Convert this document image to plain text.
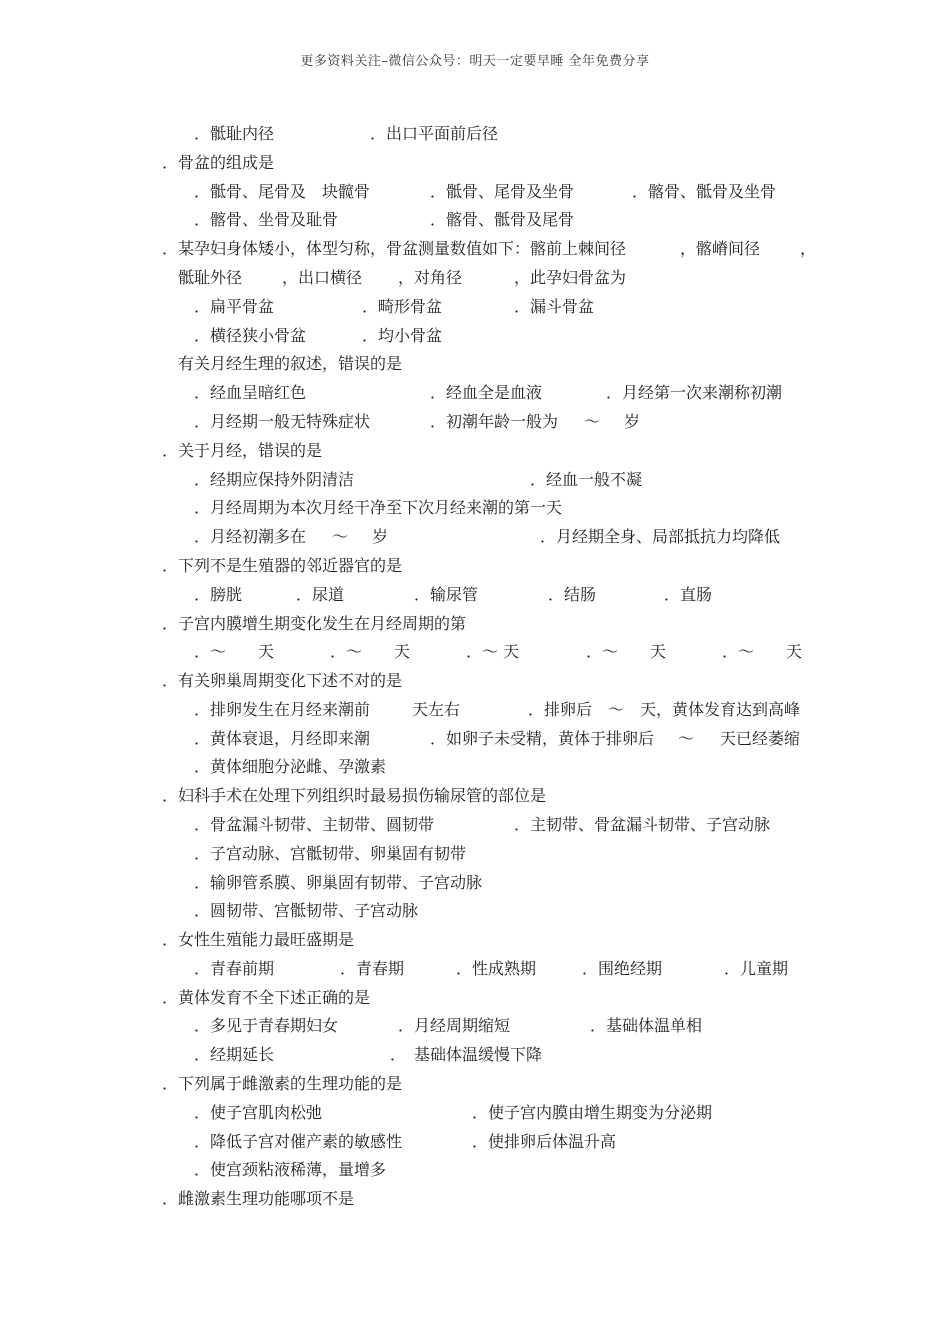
更多资料关注–微信公众号：明天一定要早睡 全年免费分享
．骶耻内径	．出口平面前后径
．骨盆的组成是
．骶骨、尾骨及　块髋骨	．骶骨、尾骨及坐骨	．髂骨、骶骨及坐骨
．髂骨、坐骨及耻骨	．髂骨、骶骨及尾骨
．某孕妇身体矮小，体型匀称，骨盆测量数值如下：髂前上棘间径	，髂嵴间径 ，
骶耻外径 ，出口横径 ，对角径	，此孕妇骨盆为
．扁平骨盆	．畸形骨盆	．漏斗骨盆
．横径狭小骨盆	．均小骨盆
有关月经生理的叙述，错误的是
．经血呈暗红色	．经血全是血液	．月经第一次来潮称初潮
．月经期一般无特殊症状	．初潮年龄一般为 ～ 岁
．关于月经，错误的是
．经期应保持外阴清洁	．经血一般不凝
．月经周期为本次月经干净至下次月经来潮的第一天
．月经初潮多在 ～ 岁	．月经期全身、局部抵抗力均降低
．下列不是生殖器的邻近器官的是
．膀胱	．尿道	．输尿管	．结肠	．直肠
．子宫内膜增生期变化发生在月经周期的第
．～　　天	．～　　天	．～ 天	．～　　天	．～　　天
．有关卵巢周期变化下述不对的是
．排卵发生在月经来潮前	天左右	．排卵后 ～ 天，黄体发育达到高峰
．黄体衰退，月经即来潮	．如卵子未受精，黄体于排卵后 ～ 天已经萎缩
．黄体细胞分泌雌、孕激素
．妇科手术在处理下列组织时最易损伤输尿管的部位是
．骨盆漏斗韧带、主韧带、圆韧带	．主韧带、骨盆漏斗韧带、子宫动脉
．子宫动脉、宫骶韧带、卵巢固有韧带
．输卵管系膜、卵巢固有韧带、子宫动脉
．圆韧带、宫骶韧带、子宫动脉
．女性生殖能力最旺盛期是
．青春前期	．青春期	．性成熟期	．围绝经期	．儿童期
．黄体发育不全下述正确的是
．多见于青春期妇女	．月经周期缩短	．基础体温单相
．经期延长	．　基础体温缓慢下降
．下列属于雌激素的生理功能的是
．使子宫肌肉松弛	．使子宫内膜由增生期变为分泌期
．降低子宫对催产素的敏感性	．使排卵后体温升高
．使宫颈粘液稀薄，量增多
．雌激素生理功能哪项不是
